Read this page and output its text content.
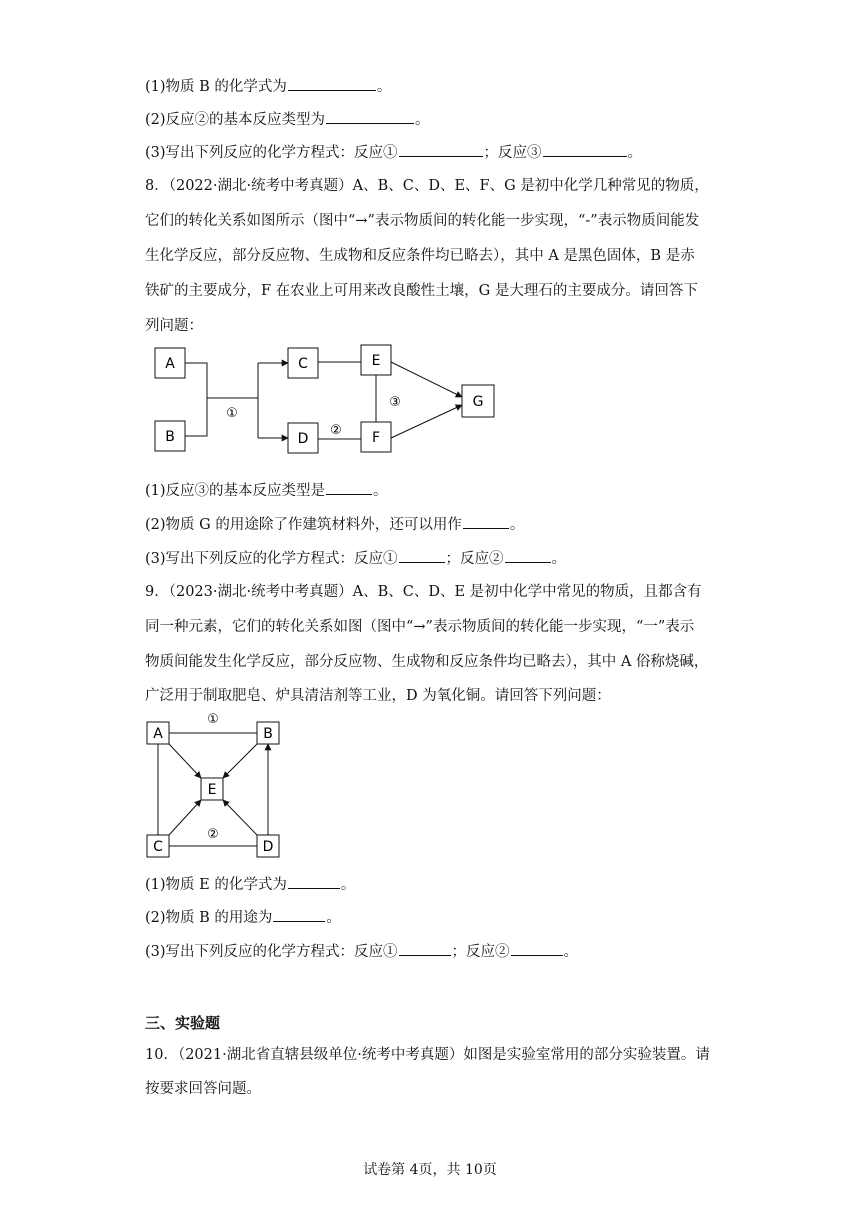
(1)物质 B 的化学式为	。
(2)反应②的基本反应类型为	。
(3)写出下列反应的化学方程式：反应①	；反应③	。
8．（2022·湖北·统考中考真题）A、B、C、D、E、F、G 是初中化学几种常见的物质，
它们的转化关系如图所示（图中“→”表示物质间的转化能一步实现，“-”表示物质间能发
生化学反应，部分反应物、生成物和反应条件均已略去），其中 A 是黑色固体，B 是赤
铁矿的主要成分，F 在农业上可用来改良酸性土壤，G 是大理石的主要成分。请回答下
列问题：
A
B
C
D
E
F
G
①
②
③
(1)反应③的基本反应类型是	。
(2)物质 G 的用途除了作建筑材料外，还可以用作	。
(3)写出下列反应的化学方程式：反应①	；反应②	。
9．（2023·湖北·统考中考真题）A、B、C、D、E 是初中化学中常见的物质，且都含有
同一种元素，它们的转化关系如图（图中“→”表示物质间的转化能一步实现，“一”表示
物质间能发生化学反应，部分反应物、生成物和反应条件均已略去），其中 A 俗称烧碱，
广泛用于制取肥皂、炉具清洁剂等工业，D 为氧化铜。请回答下列问题：
A	B
E
C	D
①
②
(1)物质 E 的化学式为	。
(2)物质 B 的用途为	。
(3)写出下列反应的化学方程式：反应①	；反应②	。
三、实验题
10．（2021·湖北省直辖县级单位·统考中考真题）如图是实验室常用的部分实验装置。请
按要求回答问题。
试卷第 4页，共 10页
